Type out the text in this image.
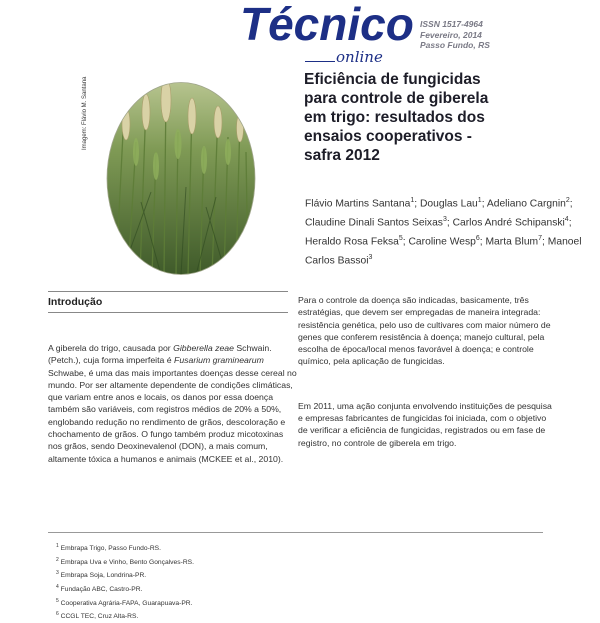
Técnico ISSN 1517-4964
Fevereiro, 2014
Passo Fundo, RS
online
Eficiência de fungicidas
para controle de giberela
em trigo: resultados dos
ensaios cooperativos -
safra 2012
Imagem: Flávio M. Santana
Flávio Martins Santana$^1$; Douglas Lau$^1$; Adeliano Cargnin$^2$; Claudine Dinali Santos Seixas$^3$; Carlos André Schipanski$^4$; Heraldo Rosa Feksa$^5$; Caroline Wesp$^6$; Marta Blum$^7$; Manoel Carlos Bassoi$^3$
Introdução

A giberela do trigo, causada por Gibberella zeae Schwain. (Petch.), cuja forma imperfeita é Fusarium graminearum Schwabe, é uma das mais importantes doenças desse cereal no mundo. Por ser altamente dependente de condições climáticas, que variam entre anos e locais, os danos por essa doença também são variáveis, com registros médios de 20% a 50%, englobando redução no rendimento de grãos, descoloração e chochamento de grãos. O fungo também produz micotoxinas nos grãos, sendo Deoxinevalenol (DON), a mais comum, altamente tóxica a humanos e animais (MCKEE et al., 2010).

Para o controle da doença são indicadas, basicamente, três estratégias, que devem ser empregadas de maneira integrada: resistência genética, pelo uso de cultivares com maior número de genes que conferem resistência à doença; manejo cultural, pela escolha de época/local menos favorável à doença; e controle químico, pela aplicação de fungicidas.

Em 2011, uma ação conjunta envolvendo instituições de pesquisa e empresas fabricantes de fungicidas foi iniciada, com o objetivo de verificar a eficiência de fungicidas, registrados ou em fase de registro, no controle de giberela em trigo.

$^1$ Embrapa Trigo, Passo Fundo-RS.
$^2$ Embrapa Uva e Vinho, Bento Gonçalves-RS.
$^3$ Embrapa Soja, Londrina-PR.
$^4$ Fundação ABC, Castro-PR.
$^5$ Cooperativa Agrária-FAPA, Guarapuava-PR.
$^6$ CCGL TEC, Cruz Alta-RS.
